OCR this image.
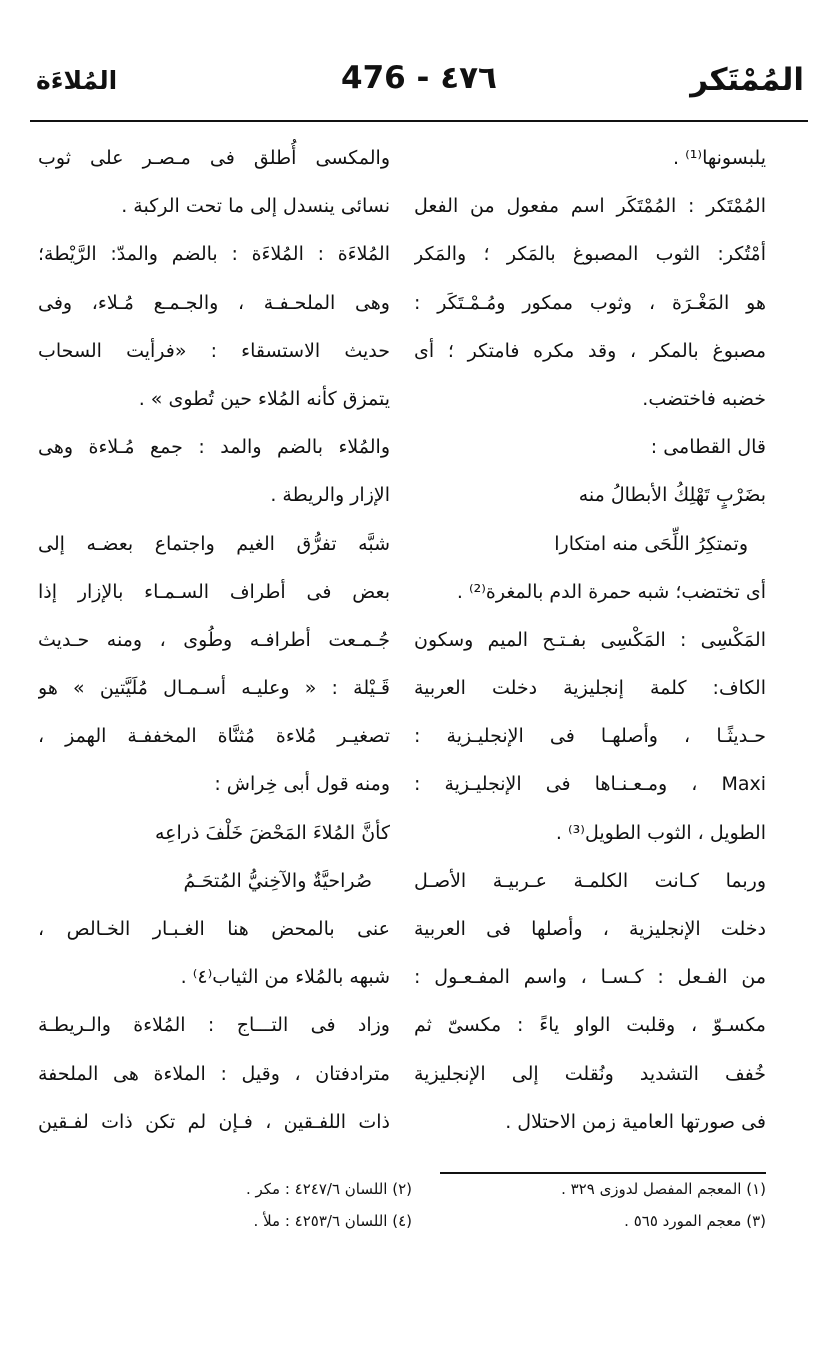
المُمْتَكر
476 - ٤٧٦
المُلاءَة
يلبسونها⁽¹⁾ .
المُمْتَكر : المُمْتَكَر اسم مفعول من الفعل
أمْتُكر: الثوب المصبوغ بالمَكر ؛ والمَكر
هو المَغْـرَة ، وثوب ممكور ومُـمْـتَكَر :
مصبوغ بالمكر ، وقد مكره فامتكر ؛ أى
خضبه فاختضب.
قال القطامى :
بضَرْبٍ تَهْلِكُ الأبطالُ منه
وتمتكِرُ اللِّحَى منه امتكارا
أى تختضب؛ شبه حمرة الدم بالمغرة⁽²⁾ .
المَكْسِى : المَكْسِى بفـتـح الميم وسكون
الكاف: كلمة إنجليزية دخلت العربية
حـديثًـا ، وأصلهـا فى الإنجليـزية :
Maxi ، ومـعـنـاها فى الإنجليـزية :
الطويل ، الثوب الطويل⁽³⁾ .
وربما كـانت الكلمـة عـربيـة الأصـل
دخلت الإنجليزية ، وأصلها فى العربية
من الفـعل : كـسـا ، واسم المفـعـول :
مكسـوّ ، وقلبت الواو ياءً : مكسىّ ثم
خُفف التشديد ونُقلت إلى الإنجليزية
فى صورتها العامية زمن الاحتلال .
والمكسى أُطلق فى مـصـر على ثوب
نسائى ينسدل إلى ما تحت الركبة .
المُلاءَة : المُلاءَة : بالضم والمدّ: الرَّيْطة؛
وهى الملحـفـة ، والجـمـع مُـلاء، وفى
حديث الاستسقاء : «فرأيت السحاب
يتمزق كأنه المُلاء حين تُطوى » .
والمُلاء بالضم والمد : جمع مُـلاءة وهى
الإزار والريطة .
شبَّه تفرُّق الغيم واجتماع بعضـه إلى
بعض فى أطراف السـمـاء بالإزار إذا
جُـمـعت أطرافـه وطُوى ، ومنه حـديث
قَـيْلة : « وعليـه أسـمـال مُلَيَّتين » هو
تصغيـر مُلاءة مُثنَّاة المخففـة الهمز ،
ومنه قول أبى خِراش :
كأنَّ المُلاءَ المَحْضَ خَلْفَ ذراعِه
صُراحيَّةٌ والآخِنيُّ المُتحَـمُ
عنى بالمحض هنا الغـبـار الخـالص ،
شبهه بالمُلاء من الثياب⁽٤⁾ .
وزاد فى التـــاج : المُلاءة والـريطـة
مترادفتان ، وقيل : الملاءة هى الملحفة
ذات اللفـقين ، فـإن لم تكن ذات لفـقين
(١) المعجم المفصل لدوزى ٣٢٩ .
(٢) اللسان ٤٢٤٧/٦ : مكر .
(٣) معجم المورد ٥٦٥ .
(٤) اللسان ٤٢٥٣/٦ : ملأ .
